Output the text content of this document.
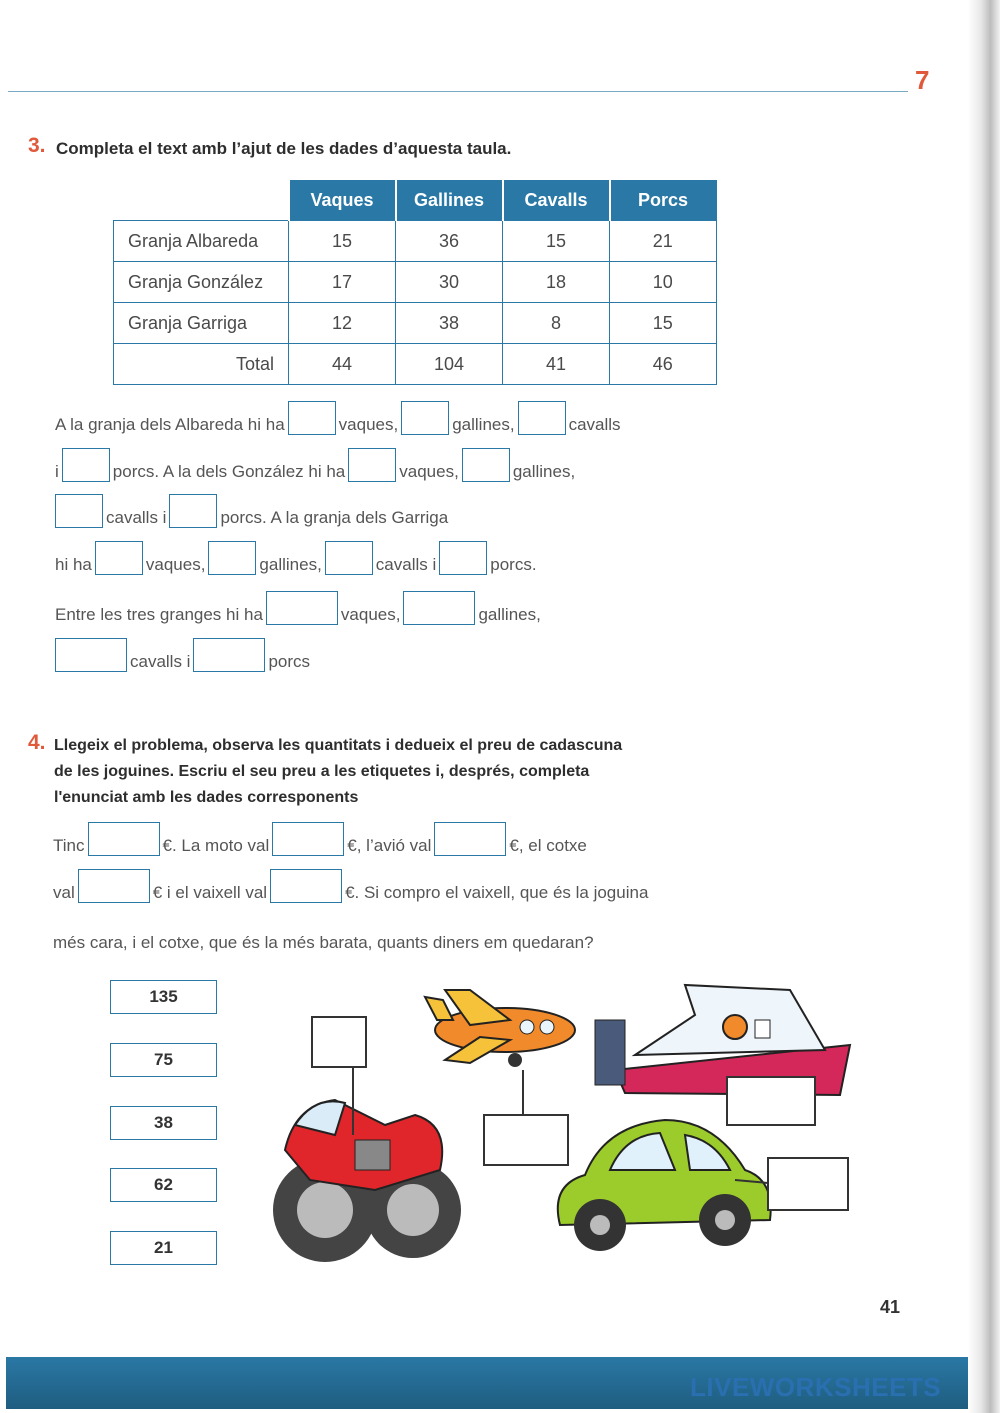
7
3. Completa el text amb l’ajut de les dades d’aquesta taula.
	Vaques	Gallines	Cavalls	Porcs
Granja Albareda	15	36	15	21
Granja González	17	30	18	10
Granja Garriga	12	38	8	15
Total	44	104	41	46
A la granja dels Albareda hi ha	vaques,	gallines,	cavalls
i	porcs. A la dels González hi ha	vaques,	gallines,
cavalls i	porcs. A la granja dels Garriga
hi ha	vaques,	gallines,	cavalls i	porcs.
Entre les tres granges hi ha	vaques,	gallines,
cavalls i	porcs
4. Llegeix el problema, observa les quantitats i dedueix el preu de cadascuna
de les joguines. Escriu el seu preu a les etiquetes i, després, completa
l'enunciat amb les dades corresponents
Tinc	€. La moto val	€, l’avió val	€, el cotxe
val	€ i el vaixell val	€. Si compro el vaixell, que és la joguina
més cara, i el cotxe, que és la més barata, quants diners em quedaran?
135
75
38
62
21
41
LIVEWORKSHEETS
